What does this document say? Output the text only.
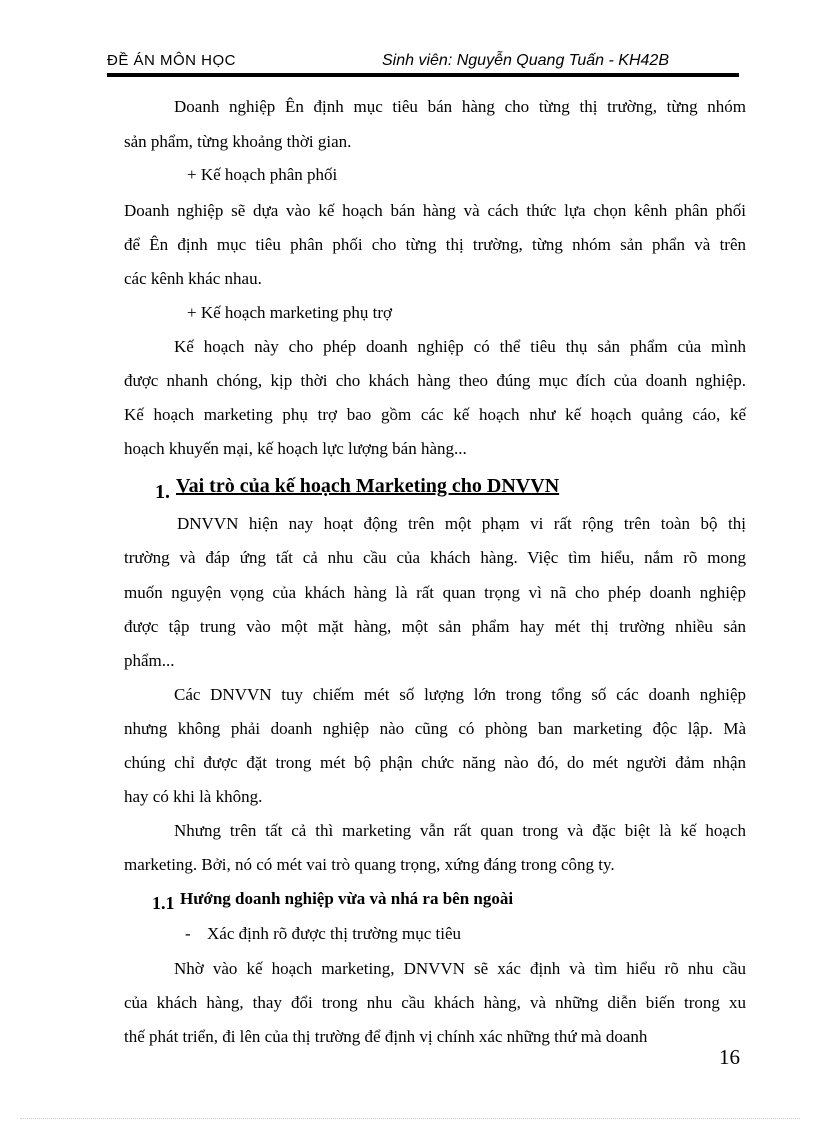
ĐỀ ÁN MÔN HỌC	Sinh viên: Nguyễn Quang Tuấn - KH42B
Doanh nghiệp Ên định mục tiêu bán hàng cho từng thị trường, từng nhóm
sản phẩm, từng khoảng thời gian.
+ Kế hoạch phân phối
Doanh nghiệp sẽ dựa vào kế hoạch bán hàng và cách thức lựa chọn kênh phân phối
để Ên định mục tiêu phân phối cho từng thị trường, từng nhóm sản phẩn và trên
các kênh khác nhau.
+ Kế hoạch marketing phụ trợ
Kế hoạch này cho phép doanh nghiệp có thể tiêu thụ sản phẩm của mình
được nhanh chóng, kịp thời cho khách hàng theo đúng mục đích của doanh nghiệp.
Kế hoạch marketing phụ trợ bao gồm các kế hoạch như kế hoạch quảng cáo, kế
hoạch khuyến mại, kế hoạch lực lượng bán hàng...
1. Vai trò của kế hoạch Marketing cho DNVVN
DNVVN hiện nay hoạt động trên một phạm vi rất rộng trên toàn bộ thị
trường và đáp ứng tất cả nhu cầu của khách hàng. Việc tìm hiểu, nắm rõ mong
muốn nguyện vọng của khách hàng là rất quan trọng vì nã cho phép doanh nghiệp
được tập trung vào một mặt hàng, một sản phẩm hay mét thị trường nhiều sản
phẩm...
Các DNVVN tuy chiếm mét số lượng lớn trong tổng số các doanh nghiệp
nhưng không phải doanh nghiệp nào cũng có phòng ban marketing độc lập. Mà
chúng chỉ được đặt trong mét bộ phận chức năng nào đó, do mét người đảm nhận
hay có khi là không.
Nhưng trên tất cả thì marketing vẫn rất quan trong và đặc biệt là kế hoạch
marketing. Bởi, nó có mét vai trò quang trọng, xứng đáng trong công ty.
1.1 Hướng doanh nghiệp vừa và nhá ra bên ngoài
- Xác định rõ được thị trường mục tiêu
Nhờ vào kế hoạch marketing, DNVVN sẽ xác định và tìm hiểu rõ nhu cầu
của khách hàng, thay đổi trong nhu cầu khách hàng, và những diễn biến trong xu
thế phát triển, đi lên của thị trường để định vị chính xác những thứ mà doanh
16
